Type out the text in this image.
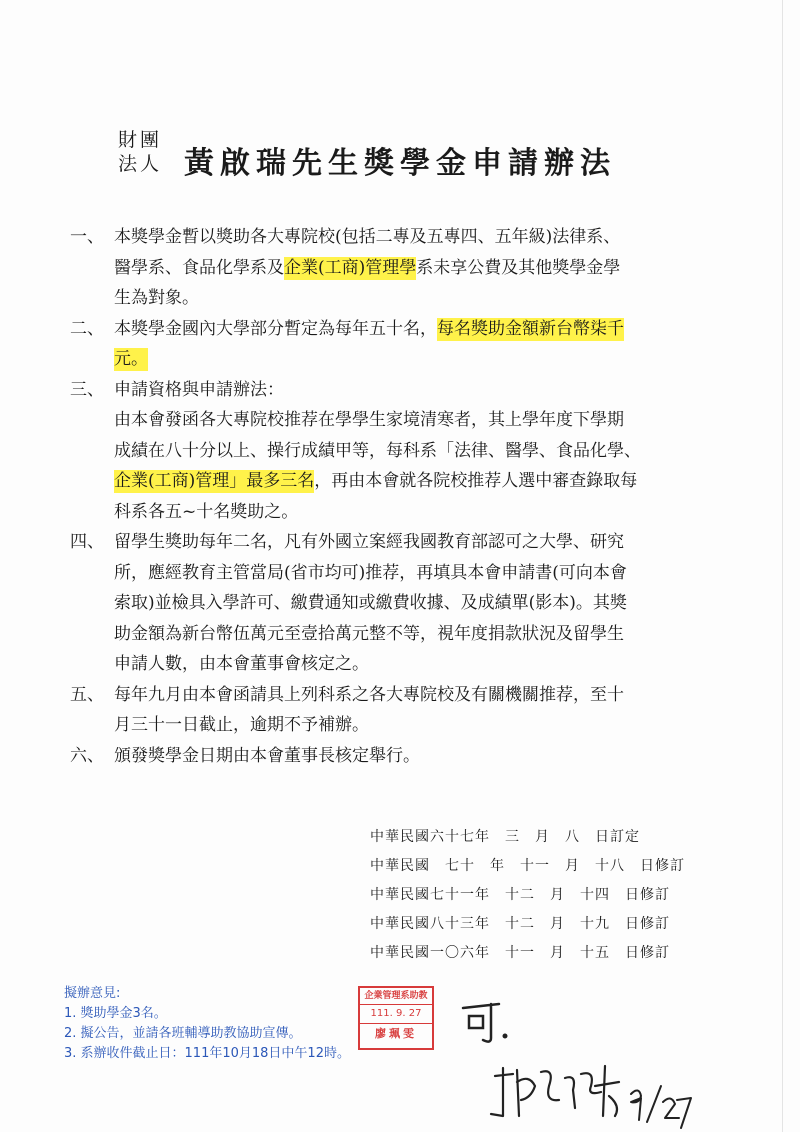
財團
法人 黃啟瑞先生獎學金申請辦法
一、 本獎學金暫以獎助各大專院校(包括二專及五專四、五年級)法律系、
醫學系、食品化學系及企業(工商)管理學系未享公費及其他獎學金學
生為對象。
二、 本獎學金國內大學部分暫定為每年五十名，每名獎助金額新台幣柒千
元。
三、 申請資格與申請辦法：
由本會發函各大專院校推荐在學學生家境清寒者，其上學年度下學期
成績在八十分以上、操行成績甲等，每科系「法律、醫學、食品化學、
企業(工商)管理」最多三名，再由本會就各院校推荐人選中審查錄取每
科系各五~十名獎助之。
四、 留學生獎助每年二名，凡有外國立案經我國教育部認可之大學、研究
所，應經教育主管當局(省市均可)推荐，再填具本會申請書(可向本會
索取)並檢具入學許可、繳費通知或繳費收據、及成績單(影本)。其獎
助金額為新台幣伍萬元至壹拾萬元整不等，視年度捐款狀況及留學生
申請人數，由本會董事會核定之。
五、 每年九月由本會函請具上列科系之各大專院校及有關機關推荐，至十
月三十一日截止，逾期不予補辦。
六、 頒發獎學金日期由本會董事長核定舉行。
中華民國六十七年　三　月　八　日訂定
中華民國　七十　年　十一　月　十八　日修訂
中華民國七十一年　十二　月　十四　日修訂
中華民國八十三年　十二　月　十九　日修訂
中華民國一〇六年　十一　月　十五　日修訂
擬辦意見:
1. 獎助學金3名。
2. 擬公告，並請各班輔導助教協助宣傳。
3. 系辦收件截止日：111年10月18日中午12時。
企業管理系助教
111. 9. 27
廖珮雯
